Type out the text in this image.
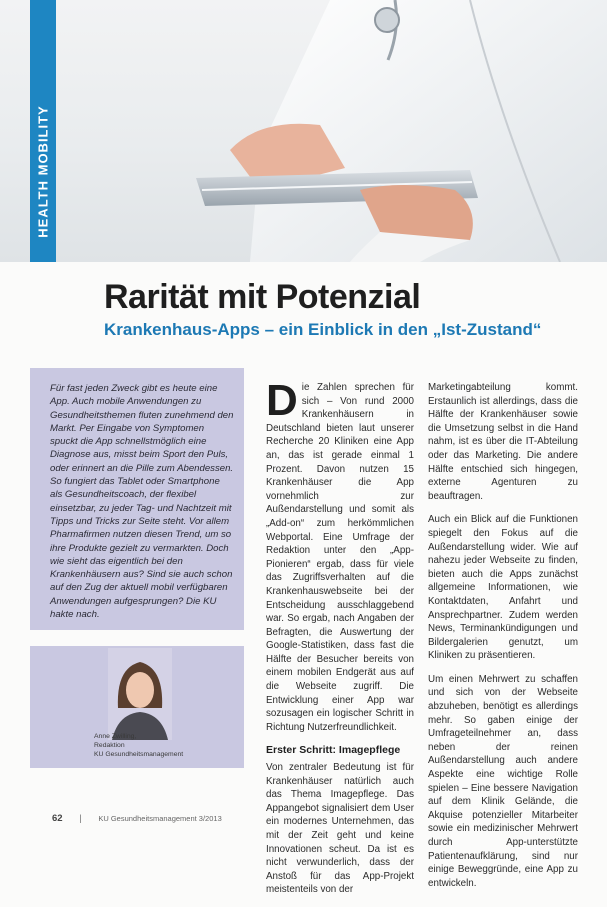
HEALTH MOBILITY
Rarität mit Potenzial
Krankenhaus-Apps – ein Einblick in den „Ist-Zustand“
Für fast jeden Zweck gibt es heute eine App. Auch mobile Anwendungen zu Gesundheitsthemen fluten zunehmend den Markt. Per Eingabe von Symptomen spuckt die App schnellstmöglich eine Diagnose aus, misst beim Sport den Puls, oder erinnert an die Pille zum Abendessen. So fungiert das Tablet oder Smartphone als Gesundheitscoach, der flexibel einsetzbar, zu jeder Tag- und Nachtzeit mit Tipps und Tricks zur Seite steht. Vor allem Pharmafirmen nutzen diesen Trend, um so ihre Produkte gezielt zu vermarkten. Doch wie sieht das eigentlich bei den Krankenhäusern aus? Sind sie auch schon auf den Zug der aktuell mobil verfügbaren Anwendungen aufgesprungen? Die KU hakte nach.
Anne Zwilling,
Redaktion
KU Gesundheitsmanagement

Die Zahlen sprechen für sich – Von rund 2000 Krankenhäusern in Deutschland bieten laut unserer Recherche 20 Kliniken eine App an, das ist gerade einmal 1 Prozent. Davon nutzen 15 Krankenhäuser die App vornehmlich zur Außendarstellung und somit als „Add-on“ zum herkömmlichen Webportal. Eine Umfrage der Redaktion unter den „App-Pionieren“ ergab, dass für viele das Zugriffsverhalten auf die Krankenhauswebseite bei der Entscheidung ausschlaggebend war. So ergab, nach Angaben der Befragten, die Auswertung der Google-Statistiken, dass fast die Hälfte der Besucher bereits von einem mobilen Endgerät aus auf die Webseite zugriff. Die Entwicklung einer App war sozusagen ein logischer Schritt in Richtung Nutzerfreundlichkeit.

Erster Schritt: Imagepflege

Von zentraler Bedeutung ist für Krankenhäuser natürlich auch das Thema Imagepflege. Das Appangebot signalisiert dem User ein modernes Unternehmen, das mit der Zeit geht und keine Innovationen scheut. Da ist es nicht verwunderlich, dass der Anstoß für das App-Projekt meistenteils von der

Marketingabteilung kommt. Erstaunlich ist allerdings, dass die Hälfte der Krankenhäuser sowie die Umsetzung selbst in die Hand nahm, ist es über die IT-Abteilung oder das Marketing. Die andere Hälfte entschied sich hingegen, externe Agenturen zu beauftragen.

Auch ein Blick auf die Funktionen spiegelt den Fokus auf die Außendarstellung wider. Wie auf nahezu jeder Webseite zu finden, bieten auch die Apps zunächst allgemeine Informationen, wie Kontaktdaten, Anfahrt und Ansprechpartner. Zudem werden News, Terminankündigungen und Bildergalerien genutzt, um Kliniken zu präsentieren.

Um einen Mehrwert zu schaffen und sich von der Webseite abzuheben, benötigt es allerdings mehr. So gaben einige der Umfrageteilnehmer an, dass neben der reinen Außendarstellung auch andere Aspekte eine wichtige Rolle spielen – Eine bessere Navigation auf dem Klinik Gelände, die Akquise potenzieller Mitarbeiter sowie ein medizinischer Mehrwert durch App-unterstützte Patientenaufklärung, sind nur einige Beweggründe, eine App zu entwickeln.

62 | KU Gesundheitsmanagement 3/2013
